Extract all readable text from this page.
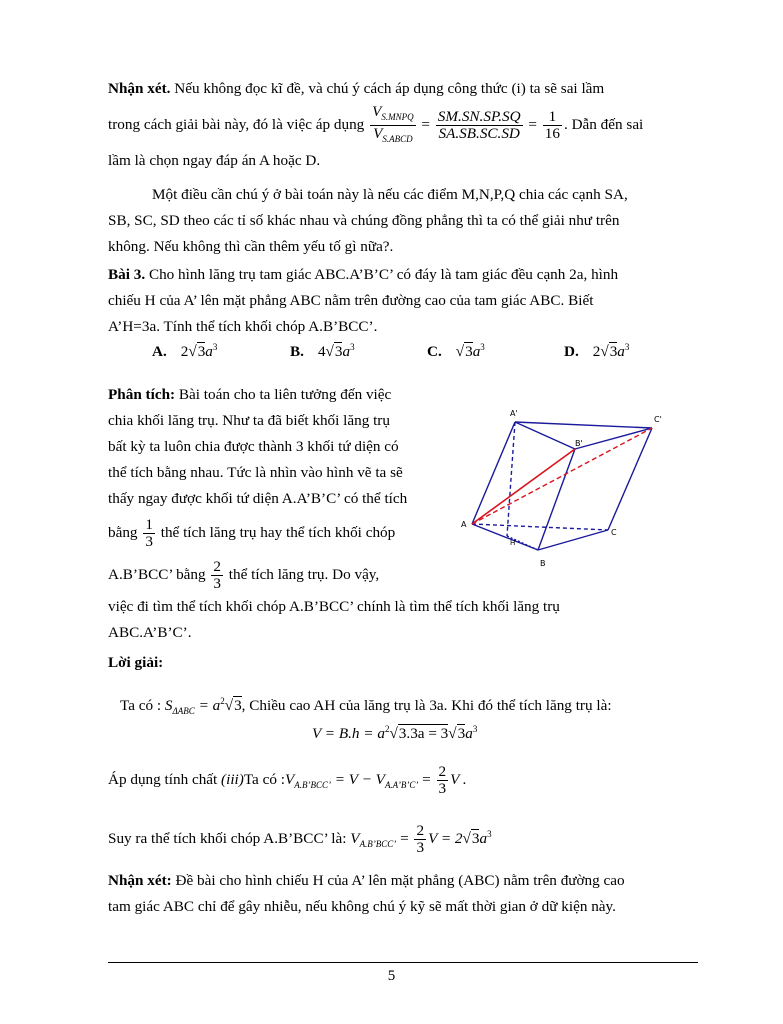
Nhận xét. Nếu không đọc kĩ đề, và chú ý cách áp dụng công thức (i) ta sẽ sai lầm
trong cách giải bài này, đó là việc áp dụng $\frac{V_{S.MNPQ}}{V_{S.ABCD}} = \frac{SM.SN.SP.SQ}{SA.SB.SC.SD} = \frac{1}{16}$ . Dẫn đến sai
lầm là chọn ngay đáp án A hoặc D.
Một điều cần chú ý ở bài toán này là nếu các điểm M,N,P,Q chia các cạnh SA,
SB, SC, SD theo các tỉ số khác nhau và chúng đồng phẳng thì ta có thể giải như trên
không. Nếu không thì cần thêm yếu tố gì nữa?.
Bài 3. Cho hình lăng trụ tam giác ABC.A’B’C’ có đáy là tam giác đều cạnh 2a, hình
chiếu H của A’ lên mặt phẳng ABC nằm trên đường cao của tam giác ABC. Biết
A’H=3a. Tính thể tích khối chóp A.B’BCC’.
A. $2√3a^3$	B. $4√3a^3$	C. $√3a^3$	D. $2√3a^3$
Phân tích: Bài toán cho ta liên tưởng đến việc
chia khối lăng trụ. Như ta đã biết khối lăng trụ
bất kỳ ta luôn chia được thành 3 khối tứ diện có
thể tích bằng nhau. Tức là nhìn vào hình vẽ ta sẽ
thấy ngay được khối tứ diện A.A’B’C’ có thể tích
bằng $\frac{1}{3}$ thể tích lăng trụ hay thể tích khối chóp
A.B’BCC’ bằng $\frac{2}{3}$ thể tích lăng trụ. Do vậy,
việc đi tìm thể tích khối chóp A.B’BCC’ chính là tìm thể tích khối lăng trụ
ABC.A’B’C’.
A
B
C
A'
B'
C'
H
Lời giải:
Ta có : $S_{\Delta ABC} = a^2√3$, Chiều cao AH của lăng trụ là 3a. Khi đó thể tích lăng trụ là:
$V = B.h = a^2√3.3a = 3√3a^3$
Áp dụng tính chất (iii)Ta có $:V_{A.B’BCC’} = V - V_{A.A’B’C’} = \frac{2}{3}$ V .
Suy ra thể tích khối chóp A.B’BCC’ là: $V_{A.B’BCC’} = \frac{2}{3}$ $V = 2√3a^3$
Nhận xét: Đề bài cho hình chiếu H của A’ lên mặt phẳng (ABC) nằm trên đường cao
tam giác ABC chỉ để gây nhiễu, nếu không chú ý kỹ sẽ mất thời gian ở dữ kiện này.
5
